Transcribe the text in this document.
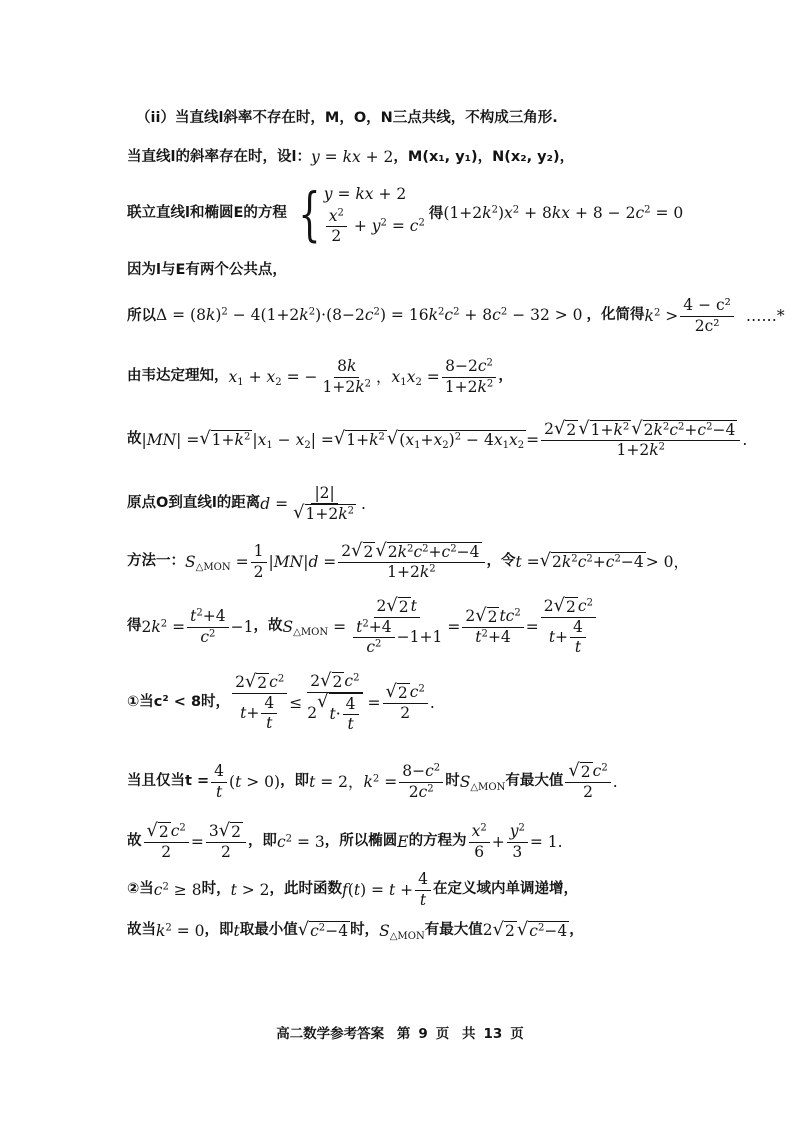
（ii）当直线l斜率不存在时，M，O，N三点共线，不构成三角形.
当直线l的斜率存在时，设l： y = kx + 2 ，M(x₁, y₁)，N(x₂, y₂)，
联立直线l和椭圆E的方程 { y = kx + 2
$\frac{x^2}{2} + y^2 = c^2$
得$(1+2k^2)x^2 + 8kx + 8 - 2c^2 = 0$
因为l与E有两个公共点，
所以$\Delta = (8k)^2 - 4(1+2k^2)\cdot(8-2c^2) = 16k^2c^2 + 8c^2 - 32 > 0$ ，化简得 $k^2 > \frac{\text{4 − c²}}{\text{2c²}}$ ……*
由韦达定理知， $x_1 + x_2$ = − $\frac{8k}{1+2k^2}$ ，$x_1x_2 = \frac{8-2c^2}{1+2k^2}$ ，
故 |MN| = √ $1+k^2$ $|x_1 - x_2|$ = √ $1+k^2$ √ $(x_1+x_2)^2 - 4x_1x_2 = \frac{2 √ 2 √ 1+k^2 √ 2k^2c^2+c^2-4}{1+2k^2}$ .
原点O到直线l的距离 $d = \frac{|2|}{√ 1+2k^2}$ .
方法一： $S_{\triangle MON} = \frac{1}{2} |MN|d = \frac{2 √ 2 √ 2k^2c^2+c^2-4}{1+2k^2}$ ，令 t = √ $2k^2c^2+c^2-4 > 0$，
得 $2k^2 = \frac{t^2+4}{c^2} -1$ ，故 $S_{\triangle MON} = \frac{2 √ 2 t}{\frac{t^2+4}{c^2} -1+1} = \frac{2 √ 2 tc^2}{t^2+4} = \frac{2 √ 2 c^2}{t+ \frac{4}{t}}$
①当c² < 8时， $\frac{2 √ 2 c^2}{t+ \frac{4}{t}} \le 2$ √ 2 $c^2$
2
√
$t\cdot \frac{4}{t} = \frac{√ 2 c^2}{2}$ .
当且仅当$t = \frac{4}{t} (t > 0)$ ，即 t = 2， $k^2 = \frac{8-c^2}{2c^2}$ 时 $S_{\triangle MON}$ 有最大值 $\frac{√ 2 c^2}{2}$ .
故 $\frac{√ 2 c^2}{2} = \frac{3 √ 2}{2}$ ，即 $c^2 = 3$ ，所以椭圆 E 的方程为 $\frac{x^2}{6} + \frac{y^2}{3} = 1$.
②当 $c^2 \ge 8$ 时， t > 2 ，此时函数 $f(t) = t + \frac{4}{t}$ 在定义域内单调递增，
故当 $k^2 = 0$ ，即 t 取最小值 √ $c^2-4$ 时， $S_{\triangle MON}$ 有最大值 2 √ 2 √ $c^2-4$ ，
高二数学参考答案 第 9 页 共 13 页
